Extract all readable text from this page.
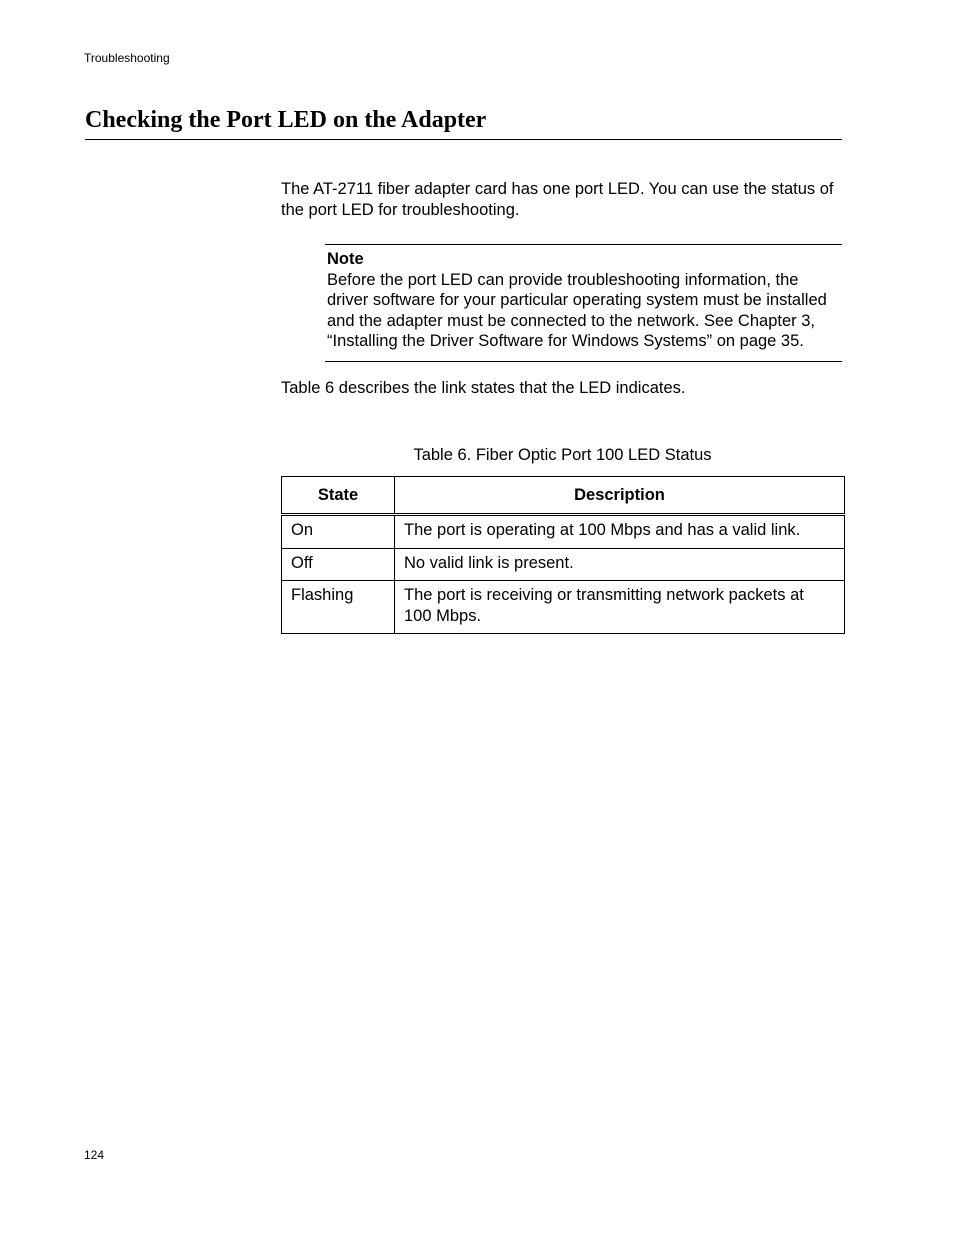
Troubleshooting
Checking the Port LED on the Adapter

The AT-2711 fiber adapter card has one port LED. You can use the status of the port LED for troubleshooting.

Note
Before the port LED can provide troubleshooting information, the driver software for your particular operating system must be installed and the adapter must be connected to the network. See Chapter 3, “Installing the Driver Software for Windows Systems” on page 35.

Table 6 describes the link states that the LED indicates.

Table 6. Fiber Optic Port 100 LED Status
State	Description
On	The port is operating at 100 Mbps and has a valid link.
Off	No valid link is present.
Flashing	The port is receiving or transmitting network packets at 100 Mbps.
124
